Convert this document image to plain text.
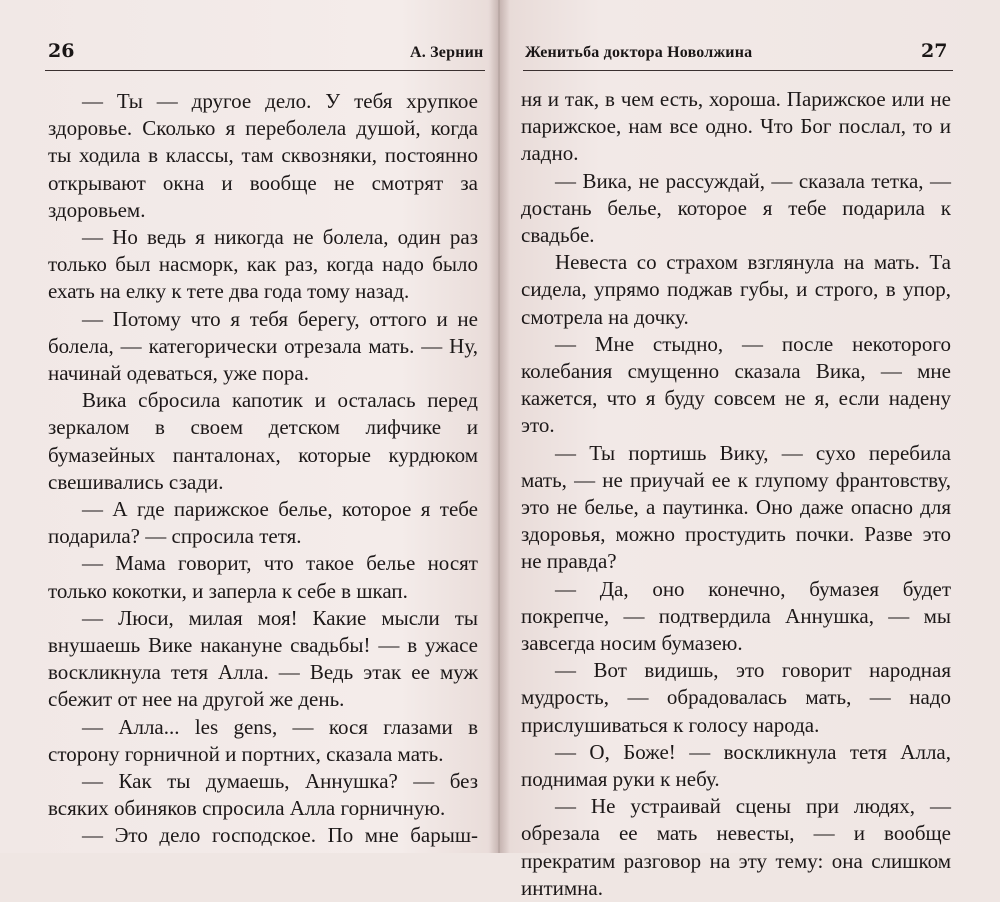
26	А. Зернин

— Ты — другое дело. У тебя хрупкое здоровье. Сколько я переболела душой, когда ты ходила в классы, там сквозняки, постоянно открывают окна и вообще не смотрят за здоровьем.

— Но ведь я никогда не болела, один раз только был насморк, как раз, когда надо было ехать на елку к тете два года тому назад.

— Потому что я тебя берегу, оттого и не болела, — категорически отрезала мать. — Ну, начинай одеваться, уже пора.

Вика сбросила капотик и осталась перед зеркалом в своем детском лифчике и бумазейных панталонах, которые курдюком свешивались сзади.

— А где парижское белье, которое я тебе подарила? — спросила тетя.

— Мама говорит, что такое белье носят только кокотки, и заперла к себе в шкап.

— Люси, милая моя! Какие мысли ты внушаешь Вике накануне свадьбы! — в ужасе воскликнула тетя Алла. — Ведь этак ее муж сбежит от нее на другой же день.

— Алла... les gens, — кося глазами в сторону горничной и портних, сказала мать.

— Как ты думаешь, Аннушка? — без всяких обиняков спросила Алла горничную.

— Это дело господское. По мне барыш-

Женитьба доктора Новолжина	27

ня и так, в чем есть, хороша. Парижское или не парижское, нам все одно. Что Бог послал, то и ладно.

— Вика, не рассуждай, — сказала тетка, — достань белье, которое я тебе подарила к свадьбе.

Невеста со страхом взглянула на мать. Та сидела, упрямо поджав губы, и строго, в упор, смотрела на дочку.

— Мне стыдно, — после некоторого колебания смущенно сказала Вика, — мне кажется, что я буду совсем не я, если надену это.

— Ты портишь Вику, — сухо перебила мать, — не приучай ее к глупому франтовству, это не белье, а паутинка. Оно даже опасно для здоровья, можно простудить почки. Разве это не правда?

— Да, оно конечно, бумазея будет покрепче, — подтвердила Аннушка, — мы завсегда носим бумазею.

— Вот видишь, это говорит народная мудрость, — обрадовалась мать, — надо прислушиваться к голосу народа.

— О, Боже! — воскликнула тетя Алла, поднимая руки к небу.

— Не устраивай сцены при людях, — обрезала ее мать невесты, — и вообще прекратим разговор на эту тему: она слишком интимна.
